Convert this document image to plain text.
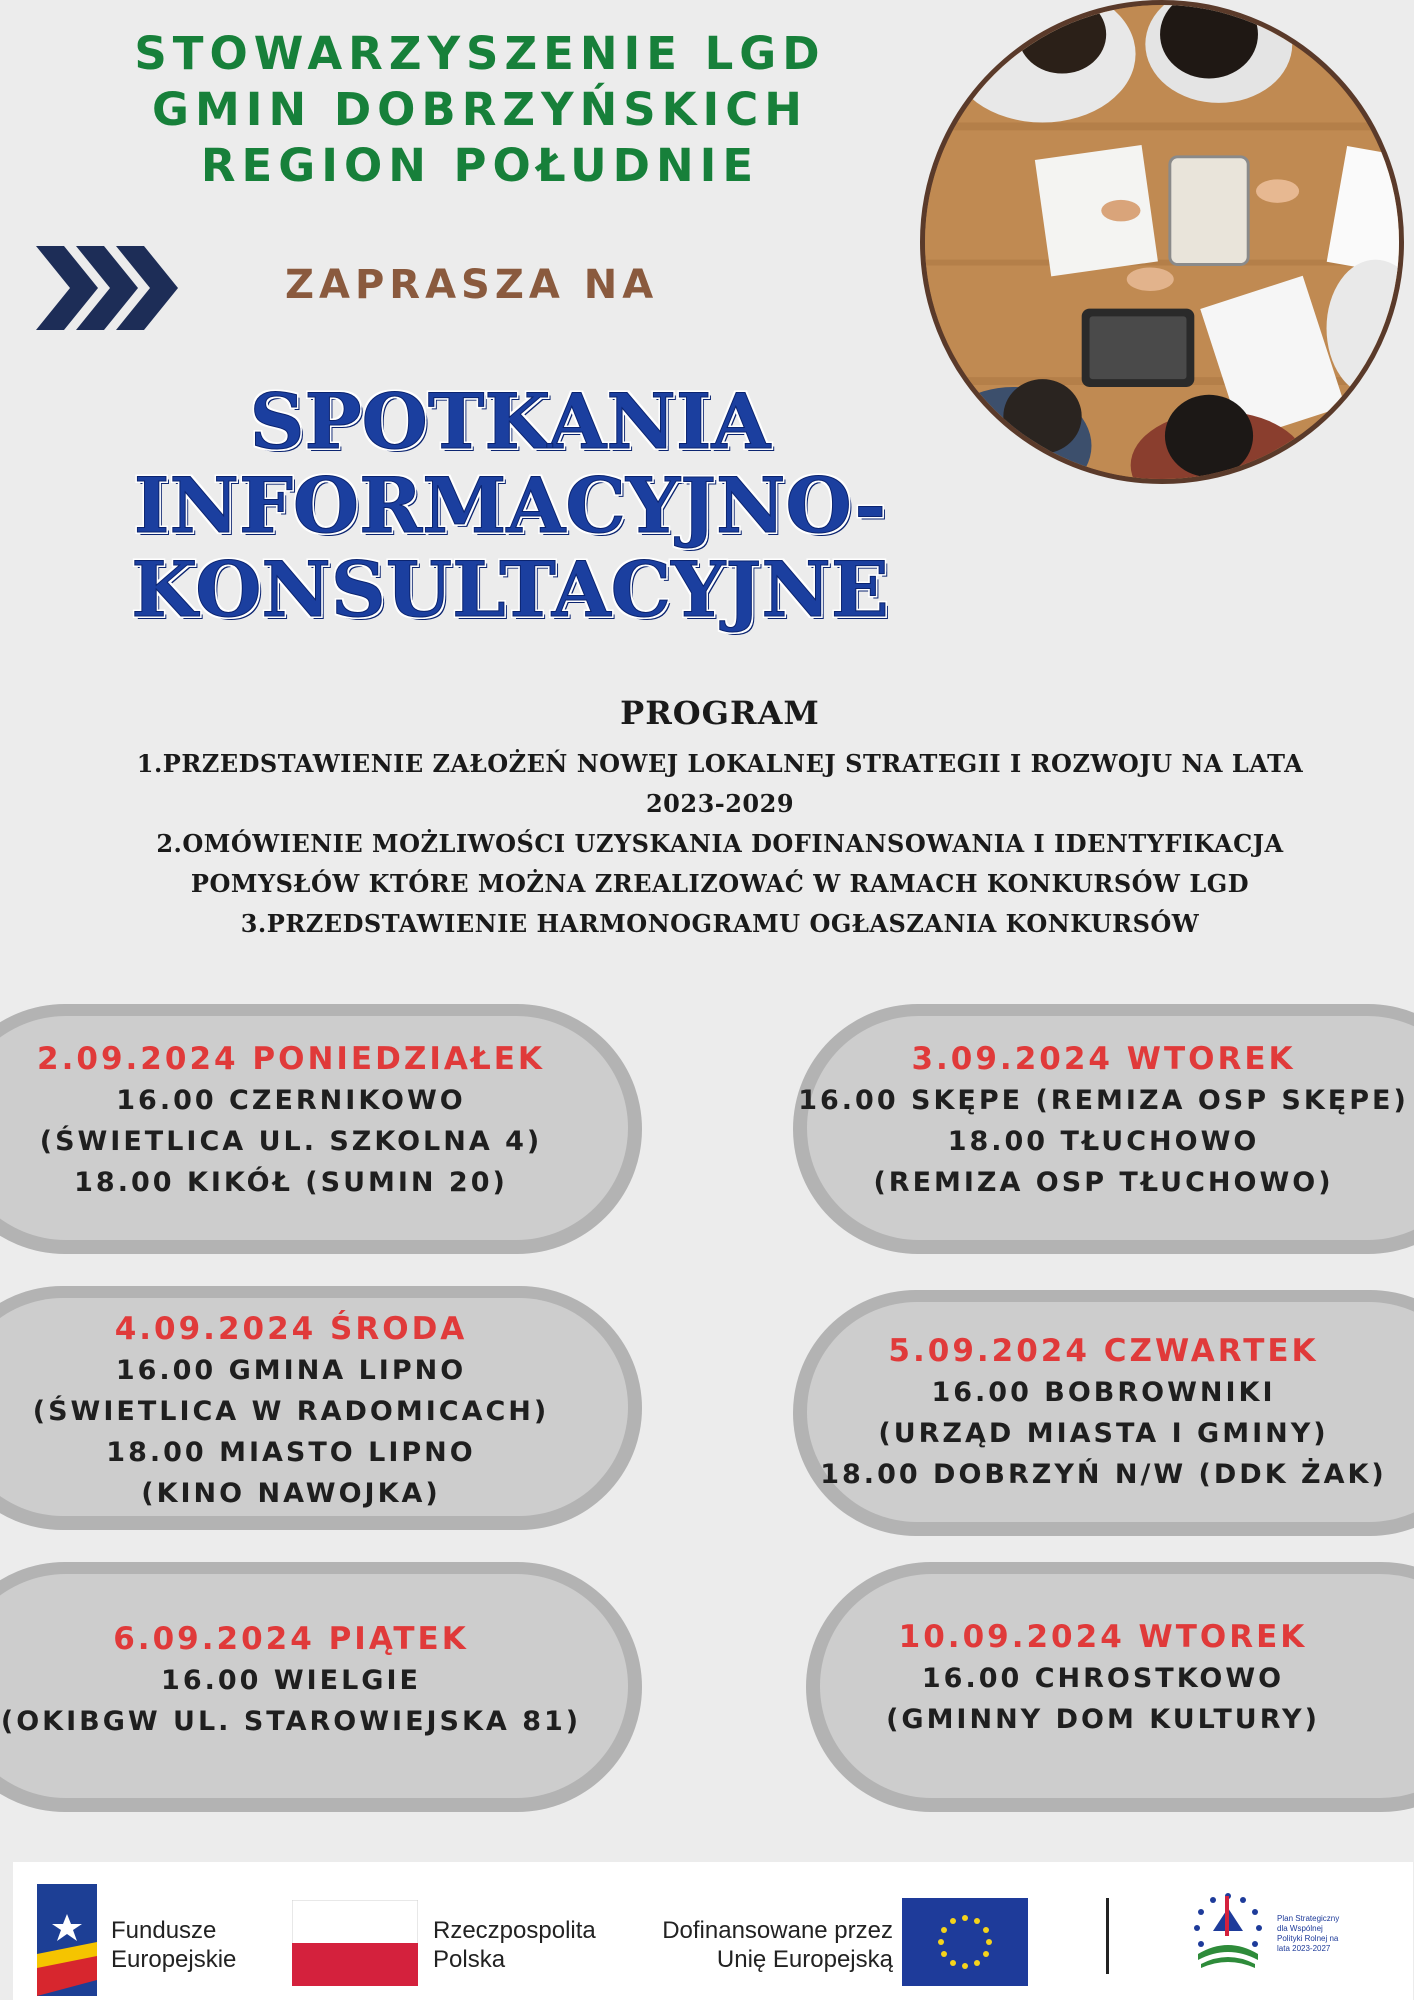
STOWARZYSZENIE LGD
GMIN DOBRZYŃSKICH
REGION POŁUDNIE
ZAPRASZA NA
SPOTKANIA
INFORMACYJNO-
KONSULTACYJNE
PROGRAM
1.PRZEDSTAWIENIE ZAŁOŻEŃ NOWEJ LOKALNEJ STRATEGII I ROZWOJU NA LATA
2023-2029
2.OMÓWIENIE MOŻLIWOŚCI UZYSKANIA DOFINANSOWANIA I IDENTYFIKACJA
POMYSŁÓW KTÓRE MOŻNA ZREALIZOWAĆ W RAMACH KONKURSÓW LGD
3.PRZEDSTAWIENIE HARMONOGRAMU OGŁASZANIA KONKURSÓW
2.09.2024 PONIEDZIAŁEK
16.00 CZERNIKOWO
(ŚWIETLICA UL. SZKOLNA 4)
18.00 KIKÓŁ (SUMIN 20)
3.09.2024 WTOREK
16.00 SKĘPE (REMIZA OSP SKĘPE)
18.00 TŁUCHOWO
(REMIZA OSP TŁUCHOWO)
4.09.2024 ŚRODA
16.00 GMINA LIPNO
(ŚWIETLICA W RADOMICACH)
18.00 MIASTO LIPNO
(KINO NAWOJKA)
5.09.2024 CZWARTEK
16.00 BOBROWNIKI
(URZĄD MIASTA I GMINY)
18.00 DOBRZYŃ N/W (DDK ŻAK)
6.09.2024 PIĄTEK
16.00 WIELGIE
(OKIBGW UL. STAROWIEJSKA 81)
10.09.2024 WTOREK
16.00 CHROSTKOWO
(GMINNY DOM KULTURY)
Fundusze
Europejskie
Rzeczpospolita
Polska
Dofinansowane przez
Unię Europejską
Plan Strategiczny dla Wspólnej Polityki Rolnej na lata 2023-2027
